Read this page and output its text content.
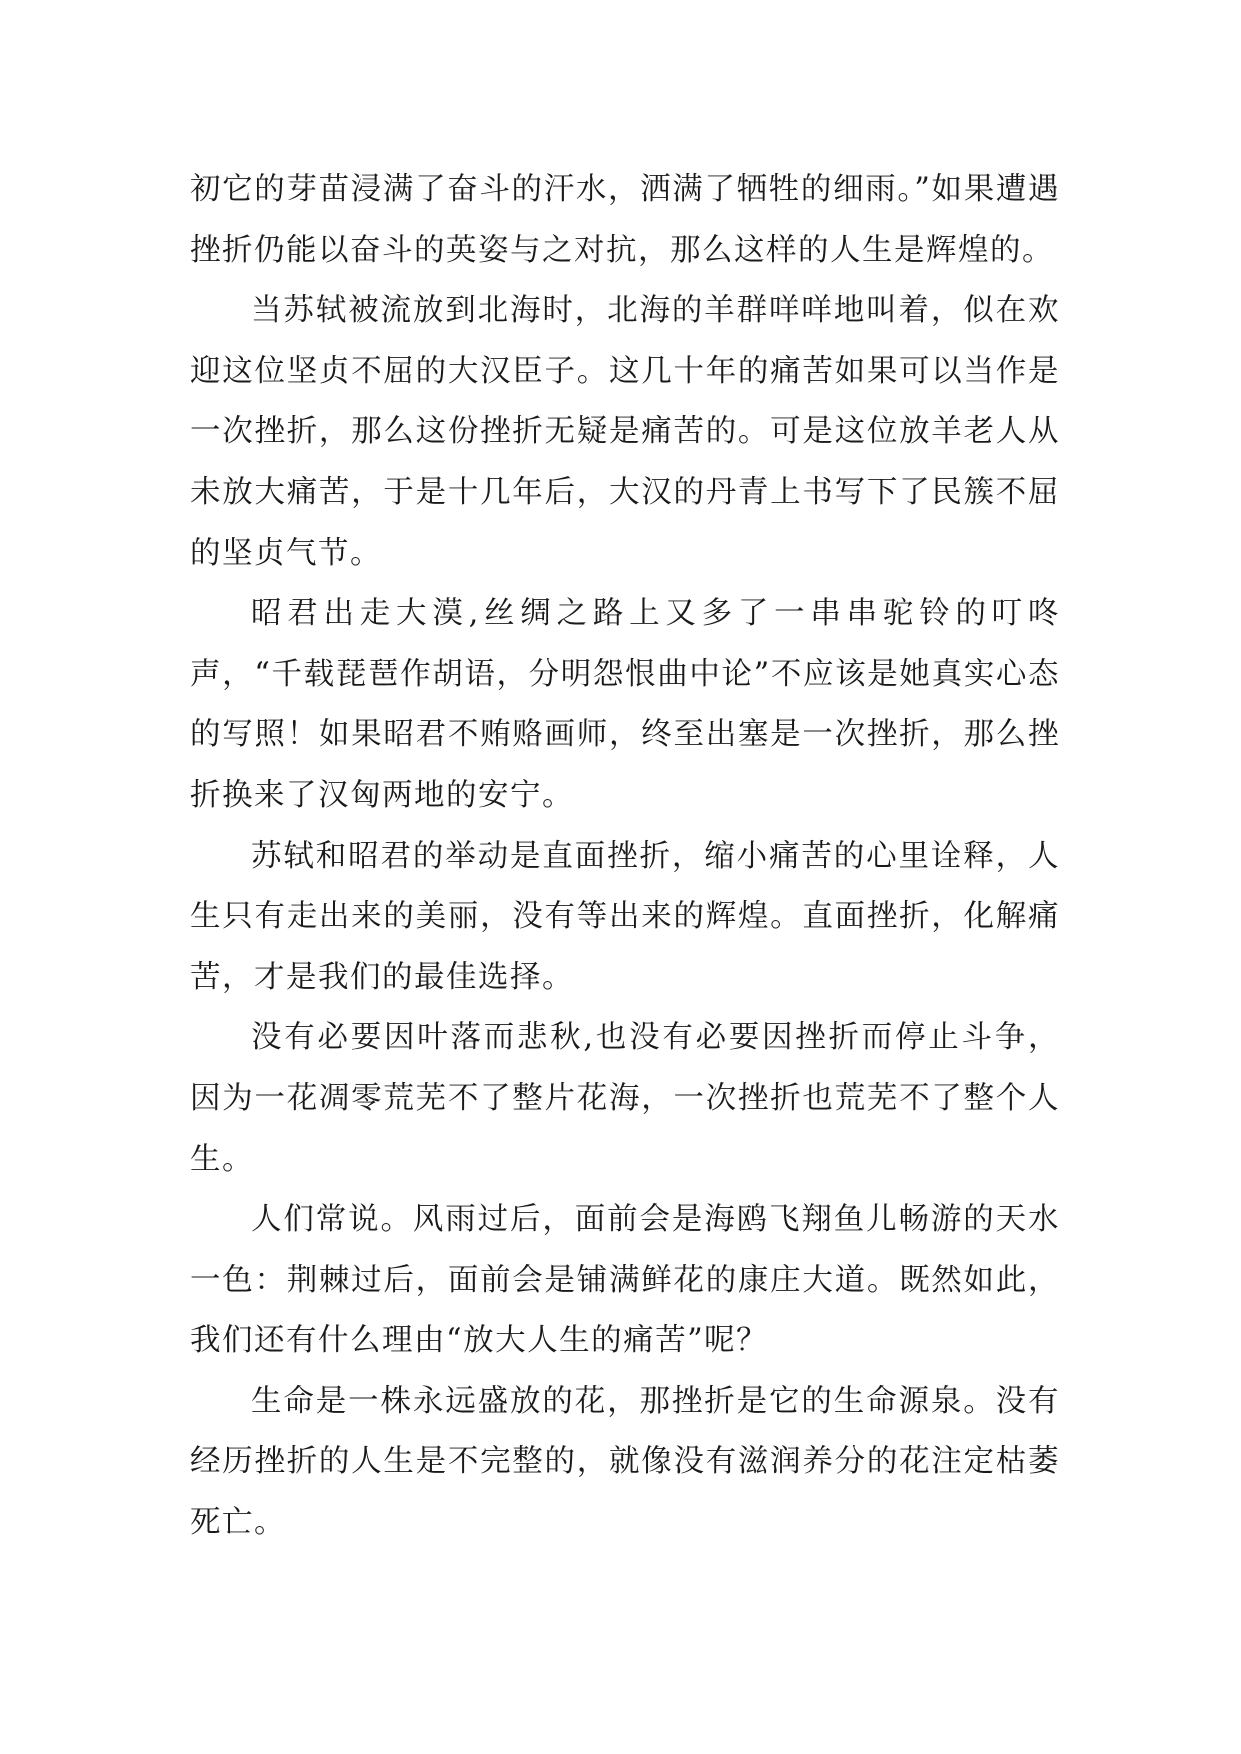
初它的芽苗浸满了奋斗的汗水，洒满了牺牲的细雨。”如果遭遇挫折仍能以奋斗的英姿与之对抗，那么这样的人生是辉煌的。

当苏轼被流放到北海时，北海的羊群咩咩地叫着，似在欢迎这位坚贞不屈的大汉臣子。这几十年的痛苦如果可以当作是一次挫折，那么这份挫折无疑是痛苦的。可是这位放羊老人从未放大痛苦，于是十几年后，大汉的丹青上书写下了民簇不屈的坚贞气节。

昭君出走大漠,丝绸之路上又多了一串串驼铃的叮咚声，“千载琵琶作胡语，分明怨恨曲中论”不应该是她真实心态的写照！如果昭君不贿赂画师，终至出塞是一次挫折，那么挫折换来了汉匈两地的安宁。

苏轼和昭君的举动是直面挫折，缩小痛苦的心里诠释，人生只有走出来的美丽，没有等出来的辉煌。直面挫折，化解痛苦，才是我们的最佳选择。

没有必要因叶落而悲秋,也没有必要因挫折而停止斗争，因为一花凋零荒芜不了整片花海，一次挫折也荒芜不了整个人生。

人们常说。风雨过后，面前会是海鸥飞翔鱼儿畅游的天水一色：荆棘过后，面前会是铺满鲜花的康庄大道。既然如此，我们还有什么理由“放大人生的痛苦”呢？

生命是一株永远盛放的花，那挫折是它的生命源泉。没有经历挫折的人生是不完整的，就像没有滋润养分的花注定枯萎死亡。
